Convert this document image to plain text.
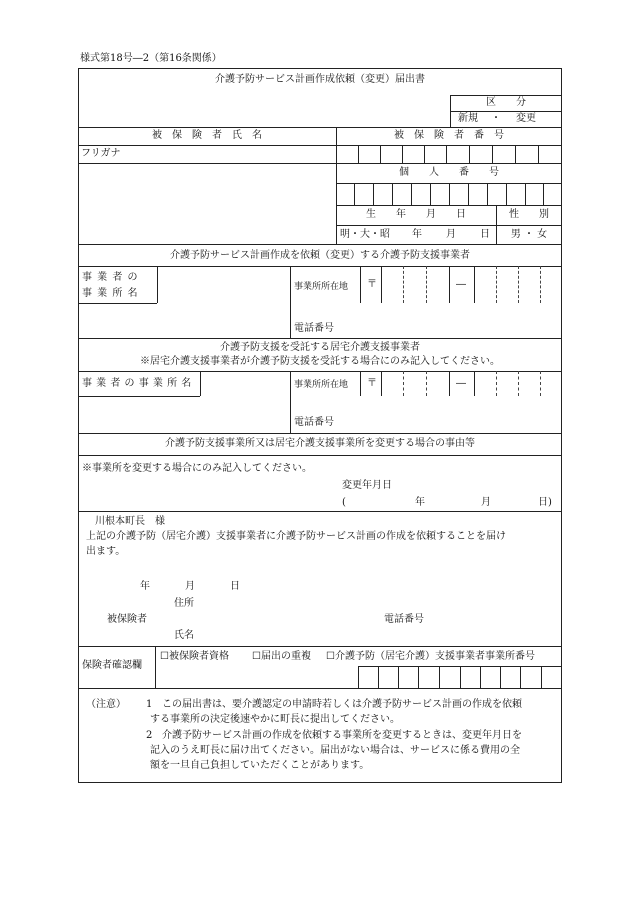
様式第18号―2（第16条関係）
介護予防サービス計画作成依頼（変更）届出書
区　　分
新規 ・ 変更
被　保　険　者　氏　名	被　保　険　者　番　号
フリガナ
個　　人　　番　　号
生　　年　　月　　日	性　　別
明・大・昭 年 月 日	男 ・ 女
介護予防サービス計画作成を依頼（変更）する介護予防支援事業者
事 業 者 の
事 業 所 名
事業所所在地 〒	―
電話番号
介護予防支援を受託する居宅介護支援事業者
※居宅介護支援事業者が介護予防支援を受託する場合にのみ記入してください。
事 業 者 の 事 業 所 名	事業所所在地 〒	―
電話番号
介護予防支援事業所又は居宅介護支援事業所を変更する場合の事由等
※事業所を変更する場合にのみ記入してください。
変更年月日
(	年	月	日)
川根本町長　様
上記の介護予防（居宅介護）支援事業者に介護予防サービス計画の作成を依頼することを届け
出ます。
年	月	日
住所
被保険者	電話番号
氏名
保険者確認欄
☐被保険者資格 ☐届出の重複 ☐介護予防（居宅介護）支援事業者事業所番号
（注意） 1 この届出書は、要介護認定の申請時若しくは介護予防サービス計画の作成を依頼
する事業所の決定後速やかに町長に提出してください。
2 介護予防サービス計画の作成を依頼する事業所を変更するときは、変更年月日を
記入のうえ町長に届け出てください。届出がない場合は、サービスに係る費用の全
額を一旦自己負担していただくことがあります。
